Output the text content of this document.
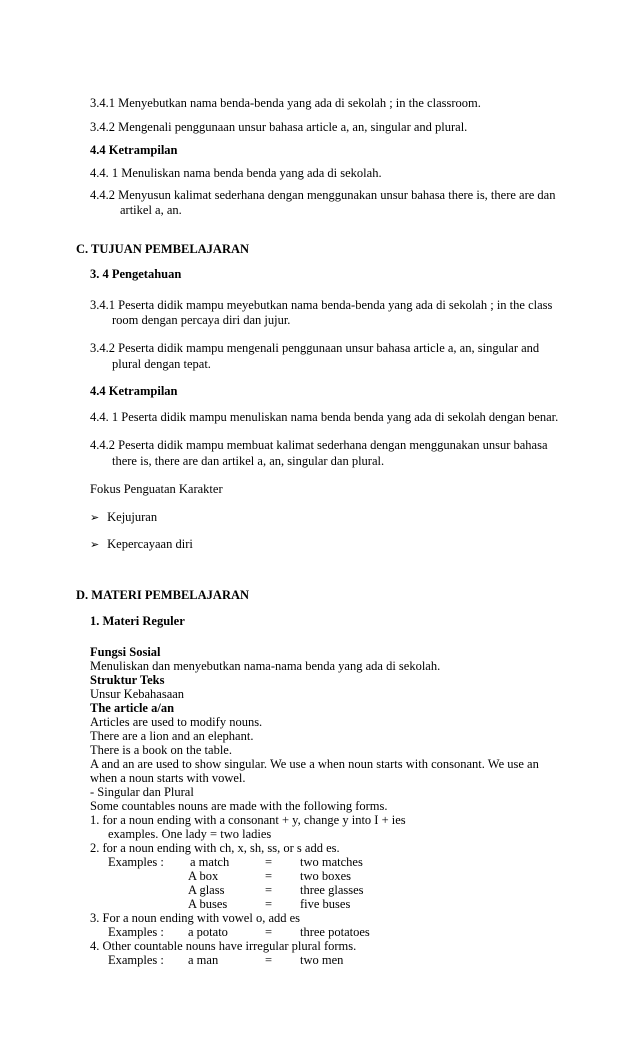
3.4.1 Menyebutkan nama benda-benda yang ada di sekolah ; in the classroom.
3.4.2 Mengenali penggunaan unsur bahasa article a, an, singular and plural.
4.4 Ketrampilan
4.4. 1 Menuliskan nama benda benda yang ada di sekolah.
4.4.2 Menyusun kalimat sederhana dengan menggunakan unsur bahasa there is, there are dan
artikel a, an.
C. TUJUAN PEMBELAJARAN
3. 4 Pengetahuan
3.4.1 Peserta didik mampu meyebutkan nama benda-benda yang ada di sekolah ; in the class
room dengan percaya diri dan jujur.
3.4.2 Peserta didik mampu mengenali penggunaan unsur bahasa article a, an, singular and
plural dengan tepat.
4.4 Ketrampilan
4.4. 1 Peserta didik mampu menuliskan nama benda benda yang ada di sekolah dengan benar.
4.4.2 Peserta didik mampu membuat kalimat sederhana dengan menggunakan unsur bahasa
there is, there are dan artikel a, an, singular dan plural.
Fokus Penguatan Karakter
➢ Kejujuran
➢ Kepercayaan diri
D. MATERI PEMBELAJARAN
1. Materi Reguler
Fungsi Sosial
Menuliskan dan menyebutkan nama-nama benda yang ada di sekolah.
Struktur Teks
Unsur Kebahasaan
The article a/an
Articles are used to modify nouns.
There are a lion and an elephant.
There is a book on the table.
A and an are used to show singular. We use a when noun starts with consonant. We use an
when a noun starts with vowel.
- Singular dan Plural
Some countables nouns are made with the following forms.
1. for a noun ending with a consonant + y, change y into I + ies
examples. One lady = two ladies
2. for a noun ending with ch, x, sh, ss, or s add es.
Examples : a match	= two matches
A box	= two boxes
A glass	= three glasses
A buses	= five buses
3. For a noun ending with vowel o, add es
Examples : a potato	= three potatoes
4. Other countable nouns have irregular plural forms.
Examples : a man	= two men
